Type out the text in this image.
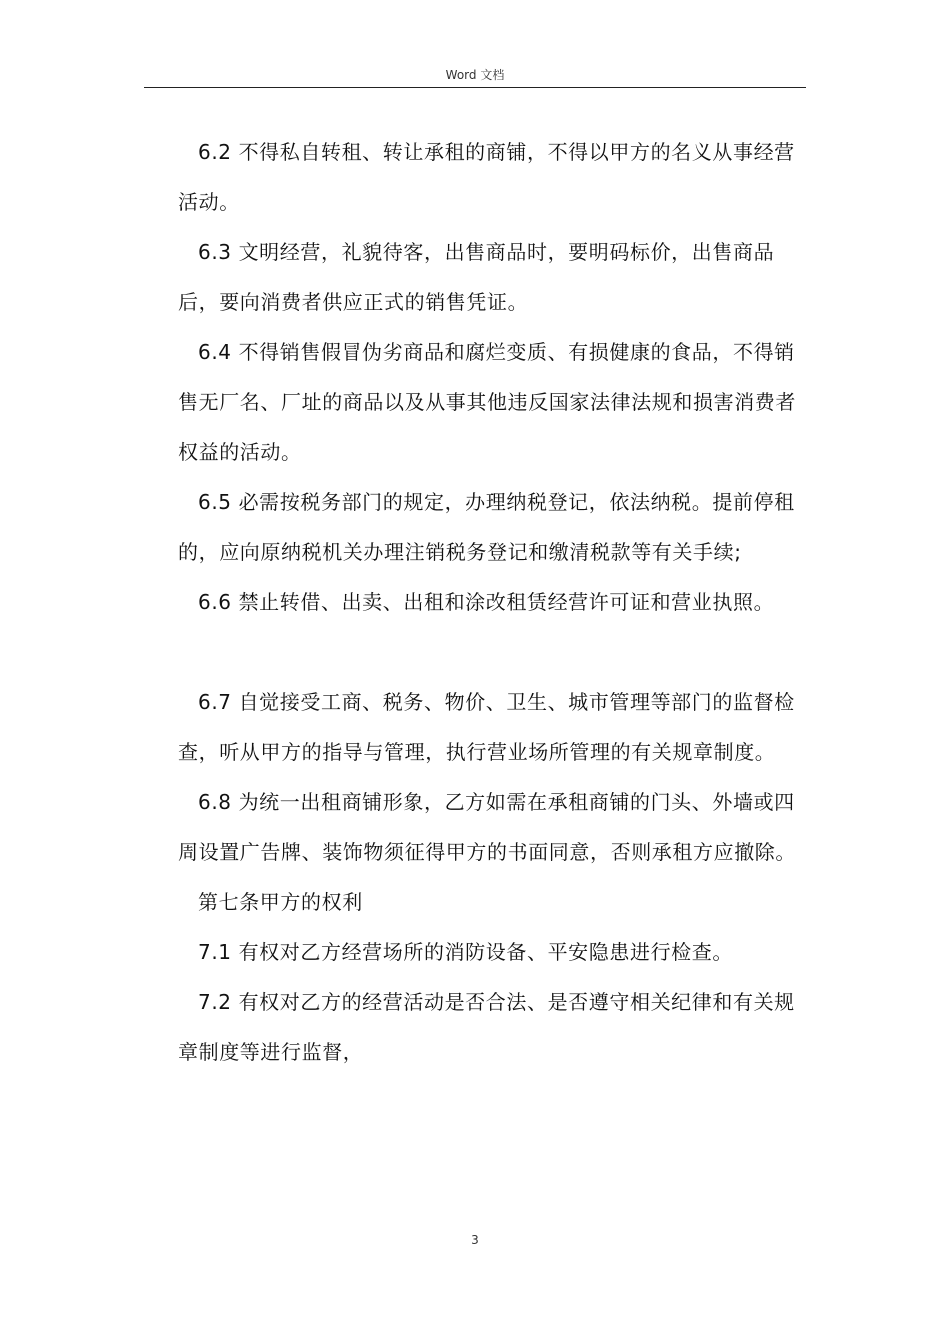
Word 文档

6.2 不得私自转租、转让承租的商铺，不得以甲方的名义从事经营活动。

6.3 文明经营，礼貌待客，出售商品时，要明码标价，出售商品后，要向消费者供应正式的销售凭证。

6.4 不得销售假冒伪劣商品和腐烂变质、有损健康的食品，不得销售无厂名、厂址的商品以及从事其他违反国家法律法规和损害消费者权益的活动。

6.5 必需按税务部门的规定，办理纳税登记，依法纳税。提前停租的，应向原纳税机关办理注销税务登记和缴清税款等有关手续;

6.6 禁止转借、出卖、出租和涂改租赁经营许可证和营业执照。

6.7 自觉接受工商、税务、物价、卫生、城市管理等部门的监督检查，听从甲方的指导与管理，执行营业场所管理的有关规章制度。

6.8 为统一出租商铺形象，乙方如需在承租商铺的门头、外墙或四周设置广告牌、装饰物须征得甲方的书面同意，否则承租方应撤除。

第七条甲方的权利

7.1 有权对乙方经营场所的消防设备、平安隐患进行检查。

7.2 有权对乙方的经营活动是否合法、是否遵守相关纪律和有关规章制度等进行监督，

3
